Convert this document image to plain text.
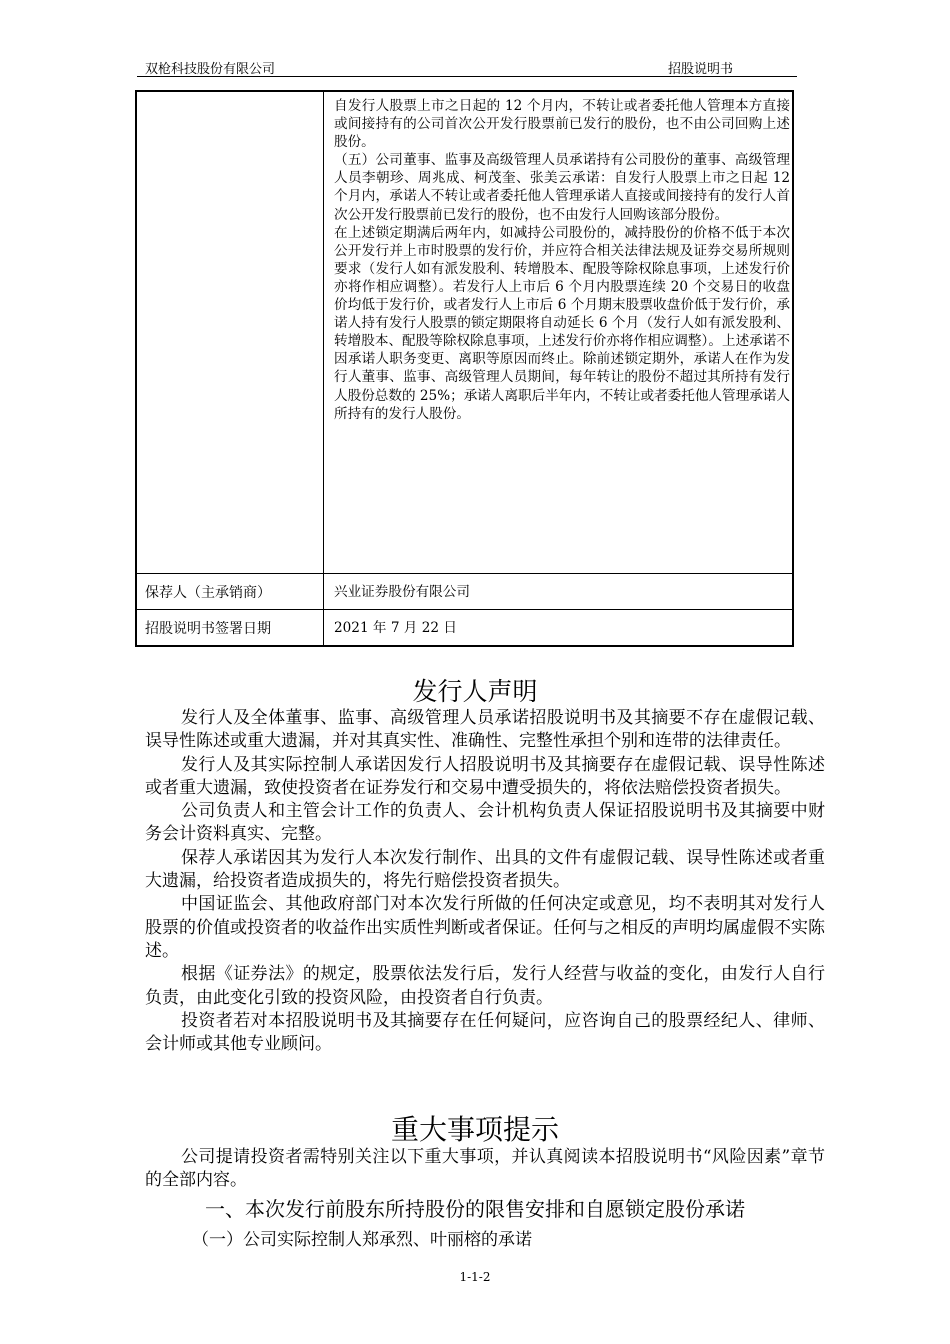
双枪科技股份有限公司	招股说明书

	自发行人股票上市之日起的 12 个月内，不转让或者委托他人管理本方直接或间接持有的公司首次公开发行股票前已发行的股份，也不由公司回购上述股份。

（五）公司董事、监事及高级管理人员承诺持有公司股份的董事、高级管理人员李朝珍、周兆成、柯茂奎、张美云承诺：自发行人股票上市之日起 12 个月内，承诺人不转让或者委托他人管理承诺人直接或间接持有的发行人首次公开发行股票前已发行的股份，也不由发行人回购该部分股份。

在上述锁定期满后两年内，如减持公司股份的，减持股份的价格不低于本次公开发行并上市时股票的发行价，并应符合相关法律法规及证券交易所规则要求（发行人如有派发股利、转增股本、配股等除权除息事项，上述发行价亦将作相应调整）。若发行人上市后 6 个月内股票连续 20 个交易日的收盘价均低于发行价，或者发行人上市后 6 个月期末股票收盘价低于发行价，承诺人持有发行人股票的锁定期限将自动延长 6 个月（发行人如有派发股利、转增股本、配股等除权除息事项，上述发行价亦将作相应调整）。上述承诺不因承诺人职务变更、离职等原因而终止。除前述锁定期外，承诺人在作为发行人董事、监事、高级管理人员期间，每年转让的股份不超过其所持有发行人股份总数的 25%；承诺人离职后半年内，不转让或者委托他人管理承诺人所持有的发行人股份。

保荐人（主承销商）	兴业证券股份有限公司
招股说明书签署日期	2021 年 7 月 22 日
发行人声明

发行人及全体董事、监事、高级管理人员承诺招股说明书及其摘要不存在虚假记载、误导性陈述或重大遗漏，并对其真实性、准确性、完整性承担个别和连带的法律责任。

发行人及其实际控制人承诺因发行人招股说明书及其摘要存在虚假记载、误导性陈述或者重大遗漏，致使投资者在证券发行和交易中遭受损失的，将依法赔偿投资者损失。

公司负责人和主管会计工作的负责人、会计机构负责人保证招股说明书及其摘要中财务会计资料真实、完整。

保荐人承诺因其为发行人本次发行制作、出具的文件有虚假记载、误导性陈述或者重大遗漏，给投资者造成损失的，将先行赔偿投资者损失。

中国证监会、其他政府部门对本次发行所做的任何决定或意见，均不表明其对发行人股票的价值或投资者的收益作出实质性判断或者保证。任何与之相反的声明均属虚假不实陈述。

根据《证券法》的规定，股票依法发行后，发行人经营与收益的变化，由发行人自行负责，由此变化引致的投资风险，由投资者自行负责。

投资者若对本招股说明书及其摘要存在任何疑问，应咨询自己的股票经纪人、律师、会计师或其他专业顾问。

重大事项提示

公司提请投资者需特别关注以下重大事项，并认真阅读本招股说明书“风险因素”章节的全部内容。

一、本次发行前股东所持股份的限售安排和自愿锁定股份承诺
（一）公司实际控制人郑承烈、叶丽榕的承诺
1-1-2
